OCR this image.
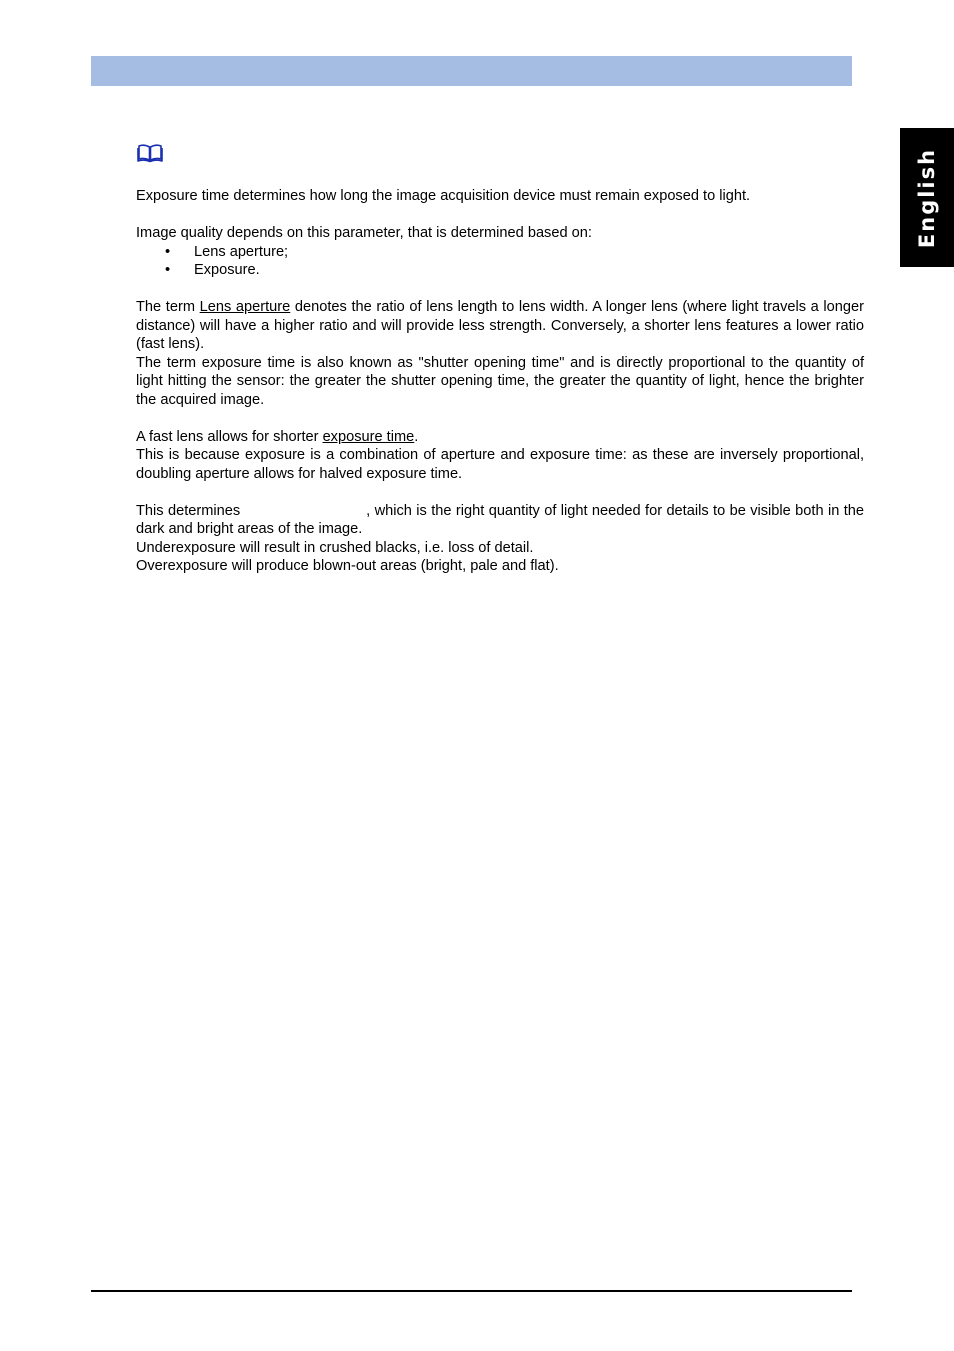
English

Exposure time determines how long the image acquisition device must remain exposed to light.

Image quality depends on this parameter, that is determined based on:

• Lens aperture;
• Exposure.

The term Lens aperture denotes the ratio of lens length to lens width. A longer lens (where light travels a longer distance) will have a higher ratio and will provide less strength. Conversely, a shorter lens features a lower ratio (fast lens).

The term exposure time is also known as "shutter opening time" and is directly proportional to the quantity of light hitting the sensor: the greater the shutter opening time, the greater the quantity of light, hence the brighter the acquired image.

A fast lens allows for shorter exposure time.

This is because exposure is a combination of aperture and exposure time: as these are inversely proportional, doubling aperture allows for halved exposure time.

This determines	, which is the right quantity of light needed for details to be visible both in the dark and bright areas of the image.

Underexposure will result in crushed blacks, i.e. loss of detail.

Overexposure will produce blown-out areas (bright, pale and flat).
